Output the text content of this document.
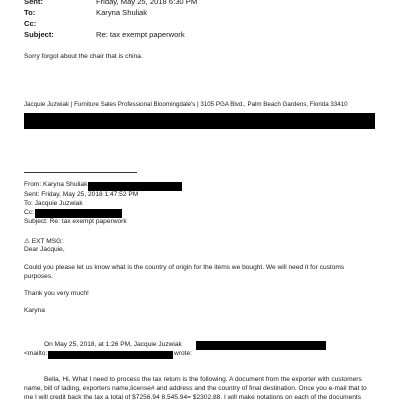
Sent:	Friday, May 25, 2018 6:30 PM
To:	Karyna Shuliak
Cc:
Subject:	Re: tax exempt paperwork
Sorry forgot about the chair that is china.
Jacquie Juzwiak | Furniture Sales Professional Bloomingdale's | 3105 PGA Blvd., Palm Beach Gardens, Florida 33410
From: Karyna Shuliak
Sent: Friday, May 25, 2018 1:47:52 PM
To: Jacquie Juzwiak
Cc:
Subject: Re: tax exempt paperwork
⚠ EXT MSG:
Dear Jacquie,
Could you please let us know what is the country of origin for the items we bought. We will need it for customs
purposes.
Thank you very much!
Karyna
On May 25, 2018, at 1:26 PM, Jacquie Juzwiak
<mailto:	wrote:
Bella, Hi, What I need to process the tax return is the following. A document from the exporter with customers
name, bill of lading, exporters name,license# and address and the country of final destination. Once you e-mail that to
me I will credit back the tax a total of $7256.94 8.545.94= $2302.88. I will make notations on each of the documents
